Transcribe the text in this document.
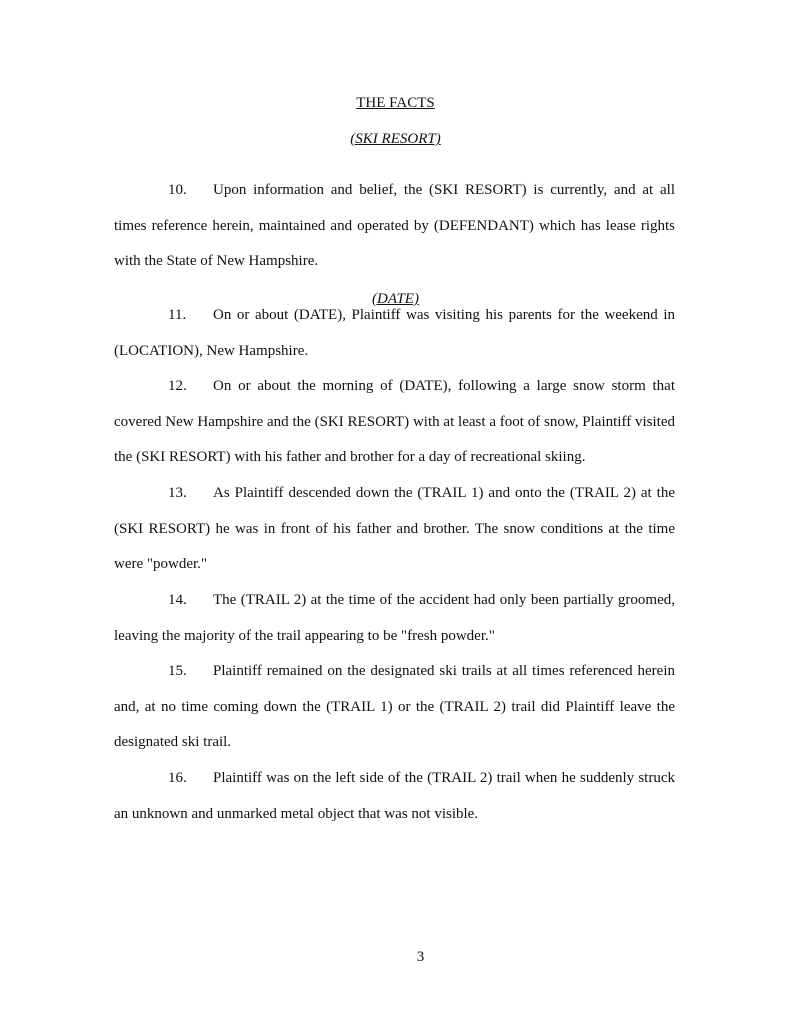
THE FACTS
(SKI RESORT)
10. Upon information and belief, the (SKI RESORT) is currently, and at all times reference herein, maintained and operated by (DEFENDANT) which has lease rights with the State of New Hampshire.
(DATE)
11. On or about (DATE), Plaintiff was visiting his parents for the weekend in (LOCATION), New Hampshire.
12. On or about the morning of (DATE), following a large snow storm that covered New Hampshire and the (SKI RESORT) with at least a foot of snow, Plaintiff visited the (SKI RESORT) with his father and brother for a day of recreational skiing.
13. As Plaintiff descended down the (TRAIL 1) and onto the (TRAIL 2) at the (SKI RESORT) he was in front of his father and brother. The snow conditions at the time were "powder."
14. The (TRAIL 2) at the time of the accident had only been partially groomed, leaving the majority of the trail appearing to be "fresh powder."
15. Plaintiff remained on the designated ski trails at all times referenced herein and, at no time coming down the (TRAIL 1) or the (TRAIL 2) trail did Plaintiff leave the designated ski trail.
16. Plaintiff was on the left side of the (TRAIL 2) trail when he suddenly struck an unknown and unmarked metal object that was not visible.
3
